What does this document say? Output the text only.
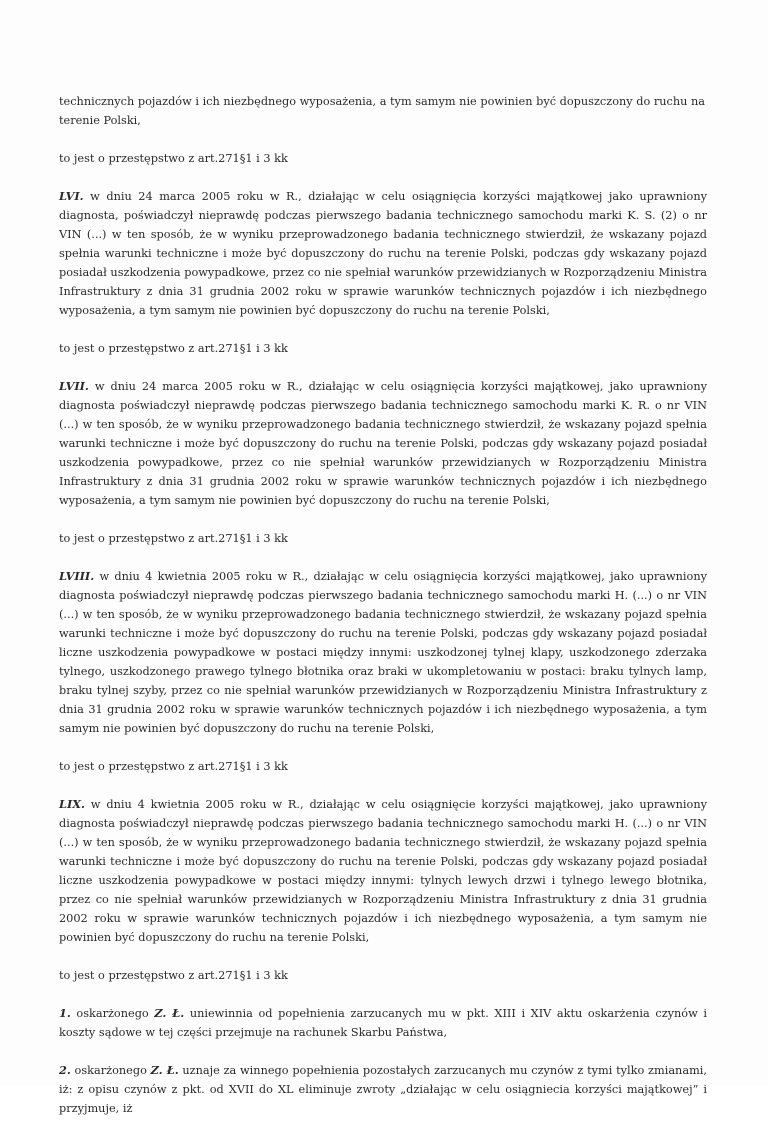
technicznych pojazdów i ich niezbędnego wyposażenia, a tym samym nie powinien być dopuszczony do ruchu na terenie Polski,

to jest o przestępstwo z art.271§1 i 3 kk

LVI. w dniu 24 marca 2005 roku w R., działając w celu osiągnięcia korzyści majątkowej jako uprawniony diagnosta, poświadczył nieprawdę podczas pierwszego badania technicznego samochodu marki K. S. (2) o nr VIN (...) w ten sposób, że w wyniku przeprowadzonego badania technicznego stwierdził, że wskazany pojazd spełnia warunki techniczne i może być dopuszczony do ruchu na terenie Polski, podczas gdy wskazany pojazd posiadał uszkodzenia powypadkowe, przez co nie spełniał warunków przewidzianych w Rozporządzeniu Ministra Infrastruktury z dnia 31 grudnia 2002 roku w sprawie warunków technicznych pojazdów i ich niezbędnego wyposażenia, a tym samym nie powinien być dopuszczony do ruchu na terenie Polski,

to jest o przestępstwo z art.271§1 i 3 kk

LVII. w dniu 24 marca 2005 roku w R., działając w celu osiągnięcia korzyści majątkowej, jako uprawniony diagnosta poświadczył nieprawdę podczas pierwszego badania technicznego samochodu marki K. R. o nr VIN (...) w ten sposób, że w wyniku przeprowadzonego badania technicznego stwierdził, że wskazany pojazd spełnia warunki techniczne i może być dopuszczony do ruchu na terenie Polski, podczas gdy wskazany pojazd posiadał uszkodzenia powypadkowe, przez co nie spełniał warunków przewidzianych w Rozporządzeniu Ministra Infrastruktury z dnia 31 grudnia 2002 roku w sprawie warunków technicznych pojazdów i ich niezbędnego wyposażenia, a tym samym nie powinien być dopuszczony do ruchu na terenie Polski,

to jest o przestępstwo z art.271§1 i 3 kk

LVIII. w dniu 4 kwietnia 2005 roku w R., działając w celu osiągnięcia korzyści majątkowej, jako uprawniony diagnosta poświadczył nieprawdę podczas pierwszego badania technicznego samochodu marki H. (...) o nr VIN (...) w ten sposób, że w wyniku przeprowadzonego badania technicznego stwierdził, że wskazany pojazd spełnia warunki techniczne i może być dopuszczony do ruchu na terenie Polski, podczas gdy wskazany pojazd posiadał liczne uszkodzenia powypadkowe w postaci między innymi: uszkodzonej tylnej klapy, uszkodzonego zderzaka tylnego, uszkodzonego prawego tylnego błotnika oraz braki w ukompletowaniu w postaci: braku tylnych lamp, braku tylnej szyby, przez co nie spełniał warunków przewidzianych w Rozporządzeniu Ministra Infrastruktury z dnia 31 grudnia 2002 roku w sprawie warunków technicznych pojazdów i ich niezbędnego wyposażenia, a tym samym nie powinien być dopuszczony do ruchu na terenie Polski,

to jest o przestępstwo z art.271§1 i 3 kk

LIX. w dniu 4 kwietnia 2005 roku w R., działając w celu osiągnięcie korzyści majątkowej, jako uprawniony diagnosta poświadczył nieprawdę podczas pierwszego badania technicznego samochodu marki H. (...) o nr VIN (...) w ten sposób, że w wyniku przeprowadzonego badania technicznego stwierdził, że wskazany pojazd spełnia warunki techniczne i może być dopuszczony do ruchu na terenie Polski, podczas gdy wskazany pojazd posiadał liczne uszkodzenia powypadkowe w postaci między innymi: tylnych lewych drzwi i tylnego lewego błotnika, przez co nie spełniał warunków przewidzianych w Rozporządzeniu Ministra Infrastruktury z dnia 31 grudnia 2002 roku w sprawie warunków technicznych pojazdów i ich niezbędnego wyposażenia, a tym samym nie powinien być dopuszczony do ruchu na terenie Polski,

to jest o przestępstwo z art.271§1 i 3 kk

1. oskarżonego Z. Ł. uniewinnia od popełnienia zarzucanych mu w pkt. XIII i XIV aktu oskarżenia czynów i koszty sądowe w tej części przejmuje na rachunek Skarbu Państwa,

2. oskarżonego Z. Ł. uznaje za winnego popełnienia pozostałych zarzucanych mu czynów z tymi tylko zmianami, iż: z opisu czynów z pkt. od XVII do XL eliminuje zwroty „działając w celu osiągniecia korzyści majątkowej” i przyjmuje, iż
